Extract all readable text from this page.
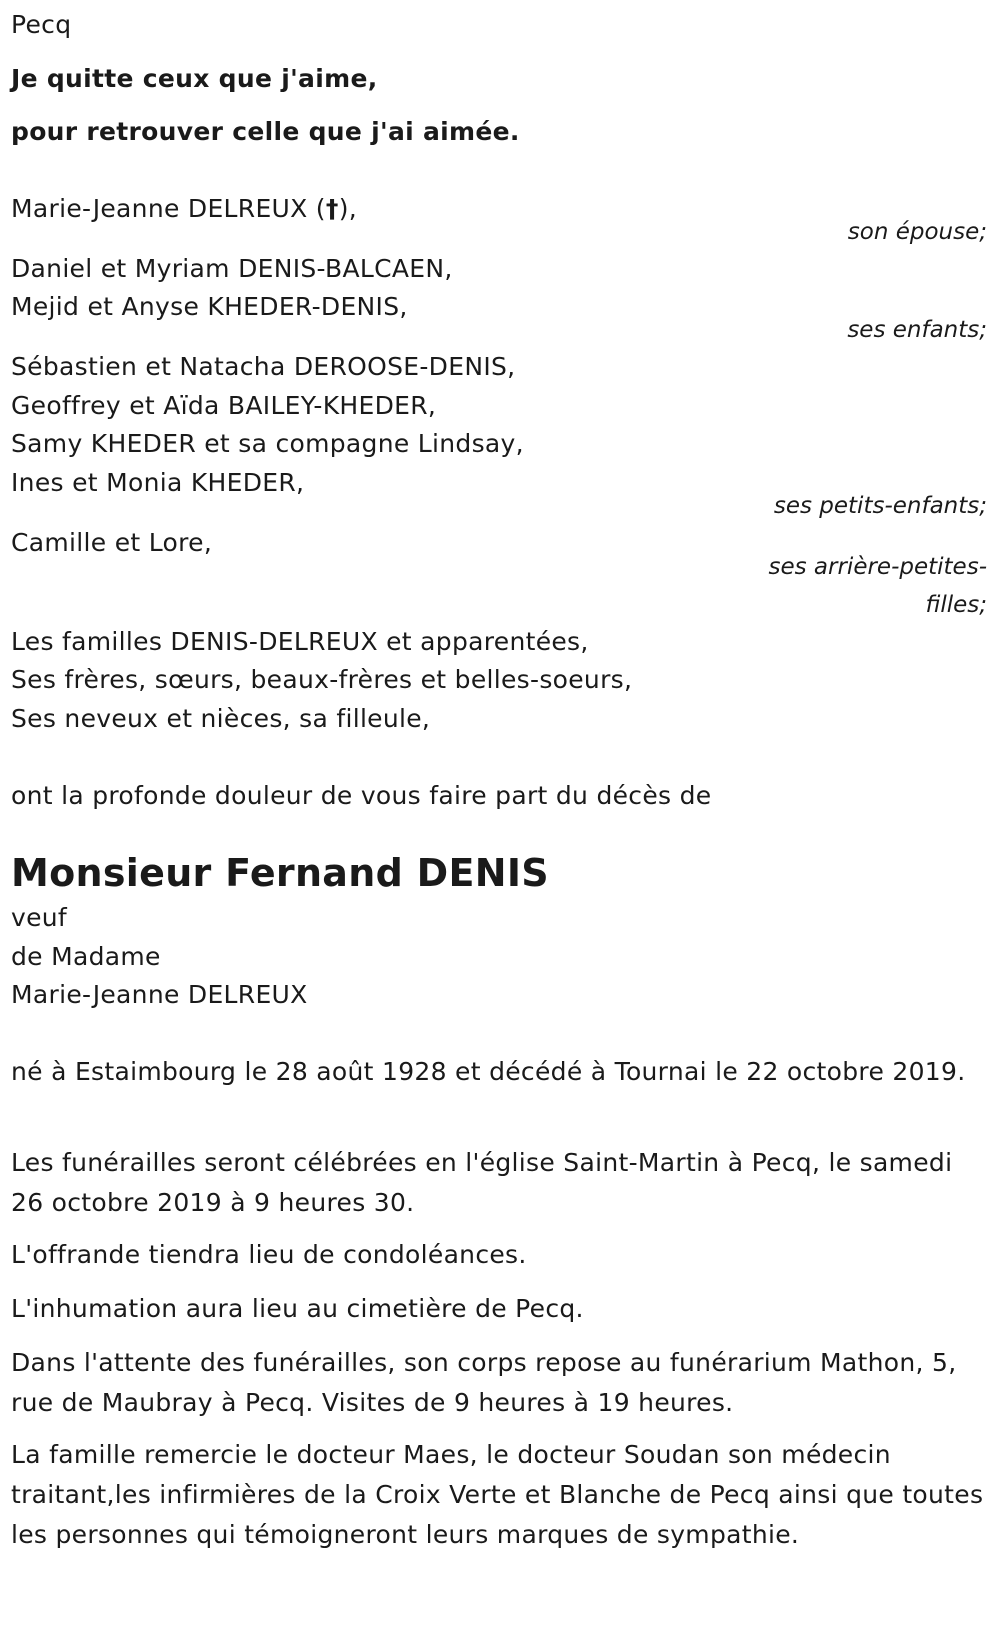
Pecq
Je quitte ceux que j'aime,
pour retrouver celle que j'ai aimée.
Marie-Jeanne DELREUX (†),
son épouse;
Daniel et Myriam DENIS-BALCAEN,
Mejid et Anyse KHEDER-DENIS,
ses enfants;
Sébastien et Natacha DEROOSE-DENIS,
Geoffrey et Aïda BAILEY-KHEDER,
Samy KHEDER et sa compagne Lindsay,
Ines et Monia KHEDER,
ses petits-enfants;
Camille et Lore,
ses arrière-petites-
filles;
Les familles DENIS-DELREUX et apparentées,
Ses frères, sœurs, beaux-frères et belles-soeurs,
Ses neveux et nièces, sa filleule,
ont la profonde douleur de vous faire part du décès de
Monsieur Fernand DENIS
veuf
de Madame
Marie-Jeanne DELREUX
né à Estaimbourg le 28 août 1928 et décédé à Tournai le 22 octobre 2019.
Les funérailles seront célébrées en l'église Saint-Martin à Pecq, le samedi 26 octobre 2019 à 9 heures 30.
L'offrande tiendra lieu de condoléances.
L'inhumation aura lieu au cimetière de Pecq.
Dans l'attente des funérailles, son corps repose au funérarium Mathon, 5, rue de Maubray à Pecq. Visites de 9 heures à 19 heures.
La famille remercie le docteur Maes, le docteur Soudan son médecin traitant,les infirmières de la Croix Verte et Blanche de Pecq ainsi que toutes les personnes qui témoigneront leurs marques de sympathie.
